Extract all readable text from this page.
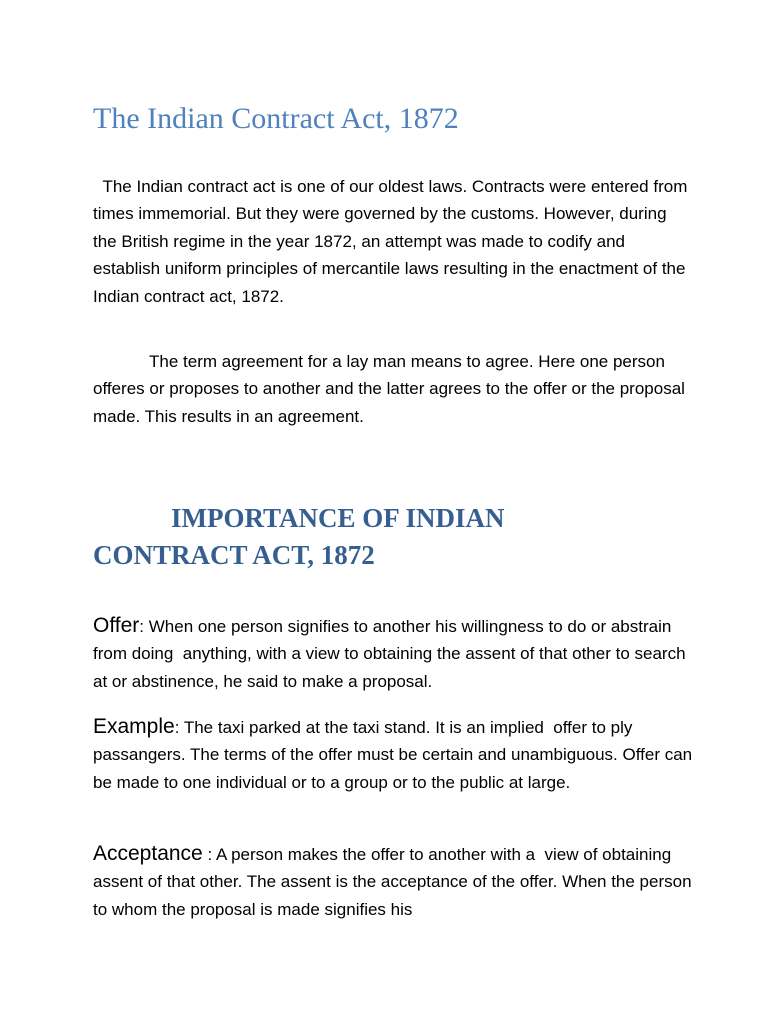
The Indian Contract Act, 1872

The Indian contract act is one of our oldest laws. Contracts were entered from times immemorial. But they were governed by the customs. However, during the British regime in the year 1872, an attempt was made to codify and establish uniform principles of mercantile laws resulting in the enactment of the Indian contract act, 1872.

The term agreement for a lay man means to agree. Here one person offeres or proposes to another and the latter agrees to the offer or the proposal made. This results in an agreement.

IMPORTANCE OF INDIAN
CONTRACT ACT, 1872

Offer: When one person signifies to another his willingness to do or abstrain  from doing  anything, with a view to obtaining the assent of that other to search at or abstinence, he said to make a proposal.

Example: The taxi parked at the taxi stand. It is an implied  offer to ply passangers. The terms of the offer must be certain and unambiguous. Offer can be made to one individual or to a group or to the public at large.

Acceptance : A person makes the offer to another with a  view of obtaining assent of that other. The assent is the acceptance of the offer. When the person to whom the proposal is made signifies his
